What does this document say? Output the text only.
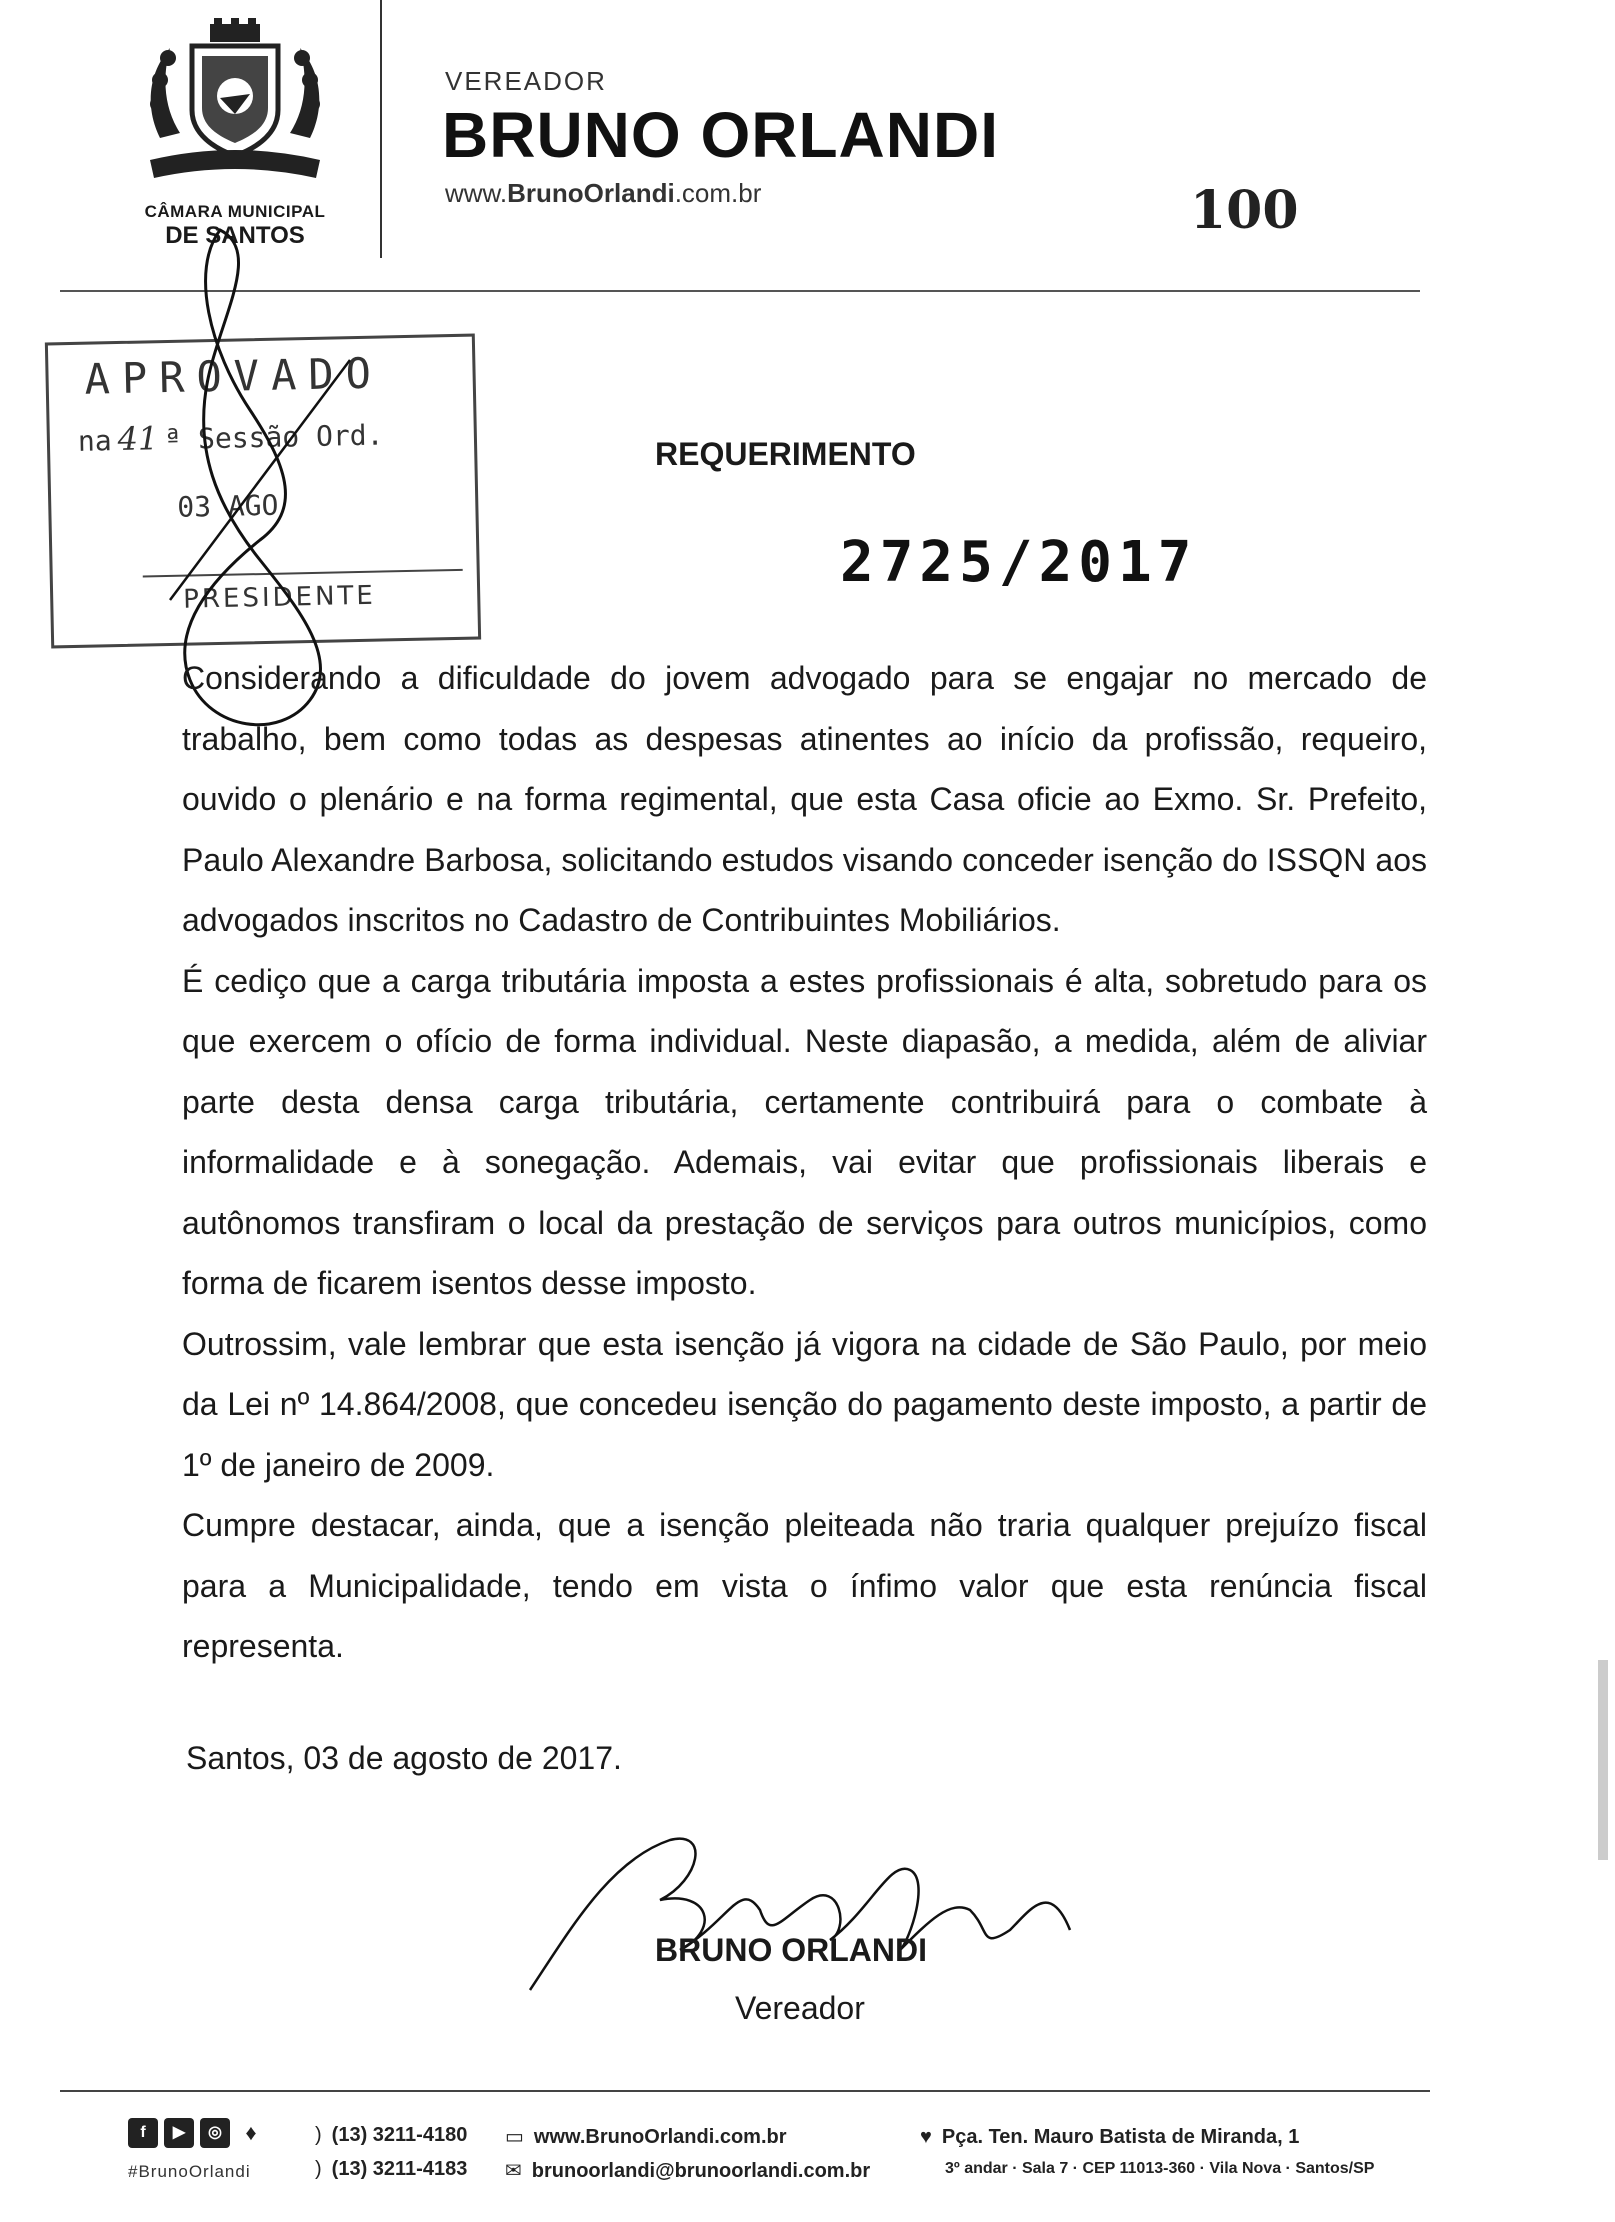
CÂMARA MUNICIPAL
DE SANTOS
VEREADOR
BRUNO ORLANDI
www.BrunoOrlandi.com.br	100
APROVADO
na 41 ª Sessão Ord.
03 AGO
PRESIDENTE
REQUERIMENTO
2725/2017

Considerando a dificuldade do jovem advogado para se engajar no mercado de trabalho, bem como todas as despesas atinentes ao início da profissão, requeiro, ouvido o plenário e na forma regimental, que esta Casa oficie ao Exmo. Sr. Prefeito, Paulo Alexandre Barbosa, solicitando estudos visando conceder isenção do ISSQN aos advogados inscritos no Cadastro de Contribuintes Mobiliários.

É cediço que a carga tributária imposta a estes profissionais é alta, sobretudo para os que exercem o ofício de forma individual. Neste diapasão, a medida, além de aliviar parte desta densa carga tributária, certamente contribuirá para o combate à informalidade e à sonegação. Ademais, vai evitar que profissionais liberais e autônomos transfiram o local da prestação de serviços para outros municípios, como forma de ficarem isentos desse imposto.

Outrossim, vale lembrar que esta isenção já vigora na cidade de São Paulo, por meio da Lei nº 14.864/2008, que concedeu isenção do pagamento deste imposto, a partir de 1º de janeiro de 2009.

Cumpre destacar, ainda, que a isenção pleiteada não traria qualquer prejuízo fiscal para a Municipalidade, tendo em vista o ínfimo valor que esta renúncia fiscal representa.

Santos, 03 de agosto de 2017.
BRUNO ORLANDI
Vereador
f ▶ ◎ ♦
#BrunoOrlandi
) (13) 3211-4180
) (13) 3211-4183
▭ www.BrunoOrlandi.com.br
✉ brunoorlandi@brunoorlandi.com.br
♥ Pça. Ten. Mauro Batista de Miranda, 1
3º andar · Sala 7 · CEP 11013-360 · Vila Nova · Santos/SP
